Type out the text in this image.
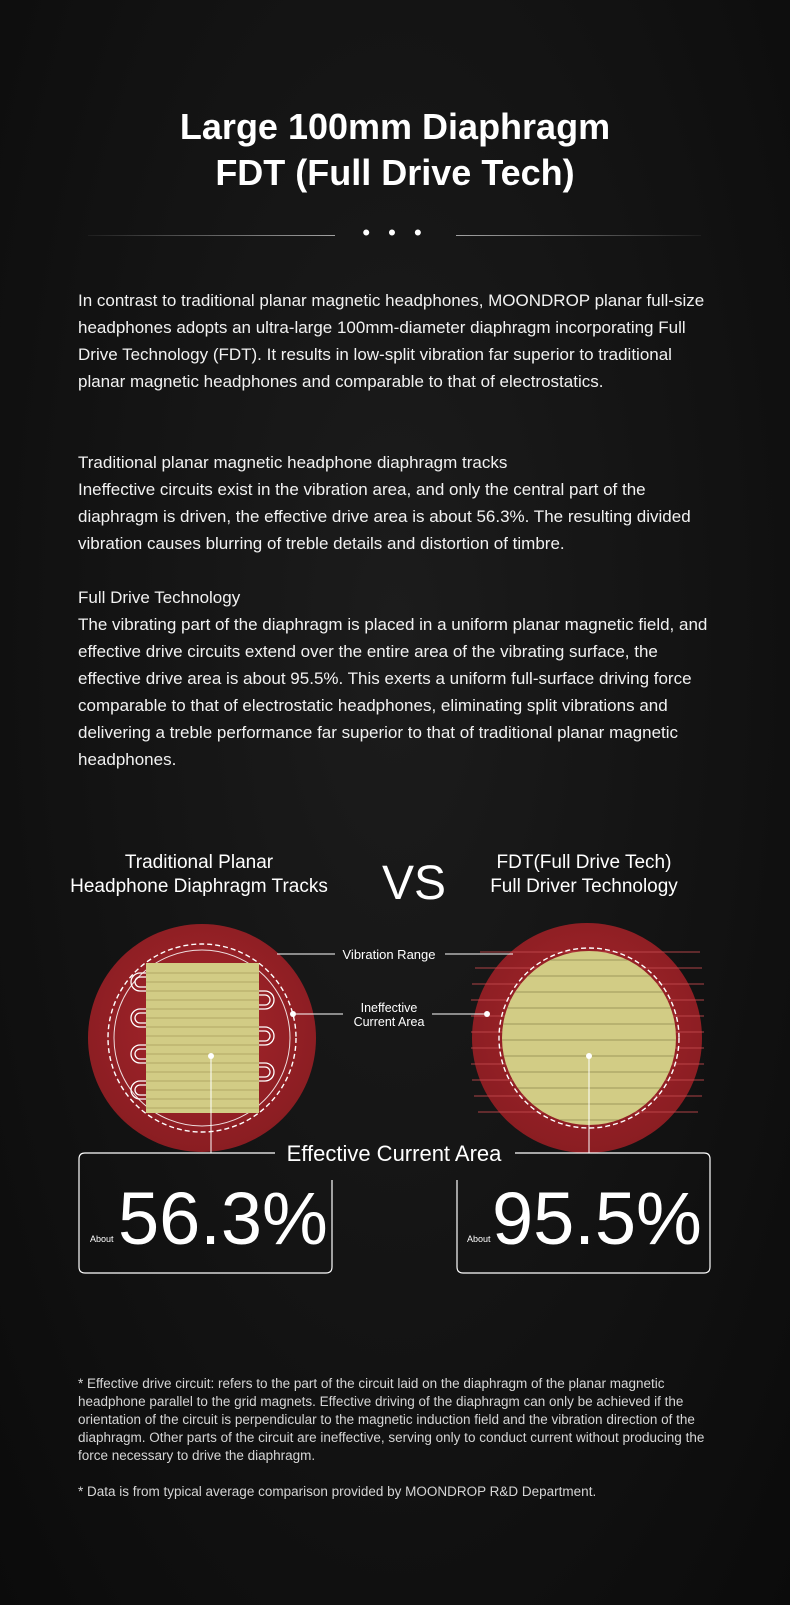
Large 100mm Diaphragm
FDT (Full Drive Tech)
• • •

In contrast to traditional planar magnetic headphones, MOONDROP planar full-size headphones adopts an ultra-large 100mm-diameter diaphragm incorporating Full Drive Technology (FDT). It results in low-split vibration far superior to traditional planar magnetic headphones and comparable to that of electrostatics.

Traditional planar magnetic headphone diaphragm tracks
Ineffective circuits exist in the vibration area, and only the central part of the diaphragm is driven, the effective drive area is about 56.3%. The resulting divided vibration causes blurring of treble details and distortion of timbre.

Full Drive Technology
The vibrating part of the diaphragm is placed in a uniform planar magnetic field, and effective drive circuits extend over the entire area of the vibrating surface, the effective drive area is about 95.5%. This exerts a uniform full-surface driving force comparable to that of electrostatic headphones, eliminating split vibrations and delivering a treble performance far superior to that of traditional planar magnetic headphones.

Traditional Planar
Headphone Diaphragm Tracks VS	FDT(Full Drive Tech)
Full Driver Technology
Vibration Range
Ineffective
Current Area
Effective Current Area
About 56.3%	About 95.5%

* Effective drive circuit: refers to the part of the circuit laid on the diaphragm of the planar magnetic headphone parallel to the grid magnets. Effective driving of the diaphragm can only be achieved if the orientation of the circuit is perpendicular to the magnetic induction field and the vibration direction of the diaphragm. Other parts of the circuit are ineffective, serving only to conduct current without producing the force necessary to drive the diaphragm.

* Data is from typical average comparison provided by MOONDROP R&D Department.
